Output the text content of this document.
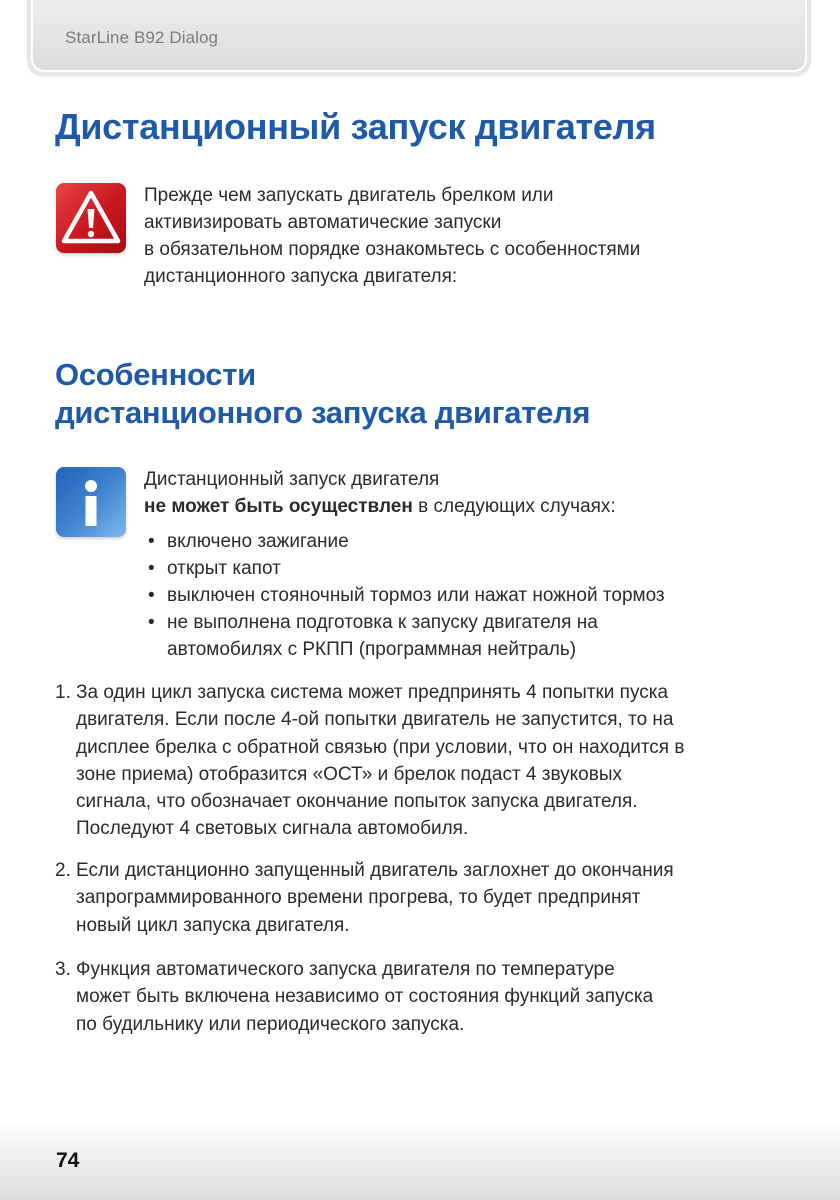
StarLine B92 Dialog
Дистанционный запуск двигателя
Прежде чем запускать двигатель брелком или
активизировать автоматические запуски
в обязательном порядке ознакомьтесь с особенностями
дистанционного запуска двигателя:
Особенности
дистанционного запуска двигателя
Дистанционный запуск двигателя
не может быть осуществлен в следующих случаях:
• включено зажигание
• открыт капот
• выключен стояночный тормоз или нажат ножной тормоз
• не выполнена подготовка к запуску двигателя на
автомобилях с РКПП (программная нейтраль)
1. За один цикл запуска система может предпринять 4 попытки пуска
двигателя. Если после 4-ой попытки двигатель не запустится, то на
дисплее брелка с обратной связью (при условии, что он находится в
зоне приема) отобразится «ОСТ» и брелок подаст 4 звуковых
сигнала, что обозначает окончание попыток запуска двигателя.
Последуют 4 световых сигнала автомобиля.
2. Если дистанционно запущенный двигатель заглохнет до окончания
запрограммированного времени прогрева, то будет предпринят
новый цикл запуска двигателя.
3. Функция автоматического запуска двигателя по температуре
может быть включена независимо от состояния функций запуска
по будильнику или периодического запуска.
74
